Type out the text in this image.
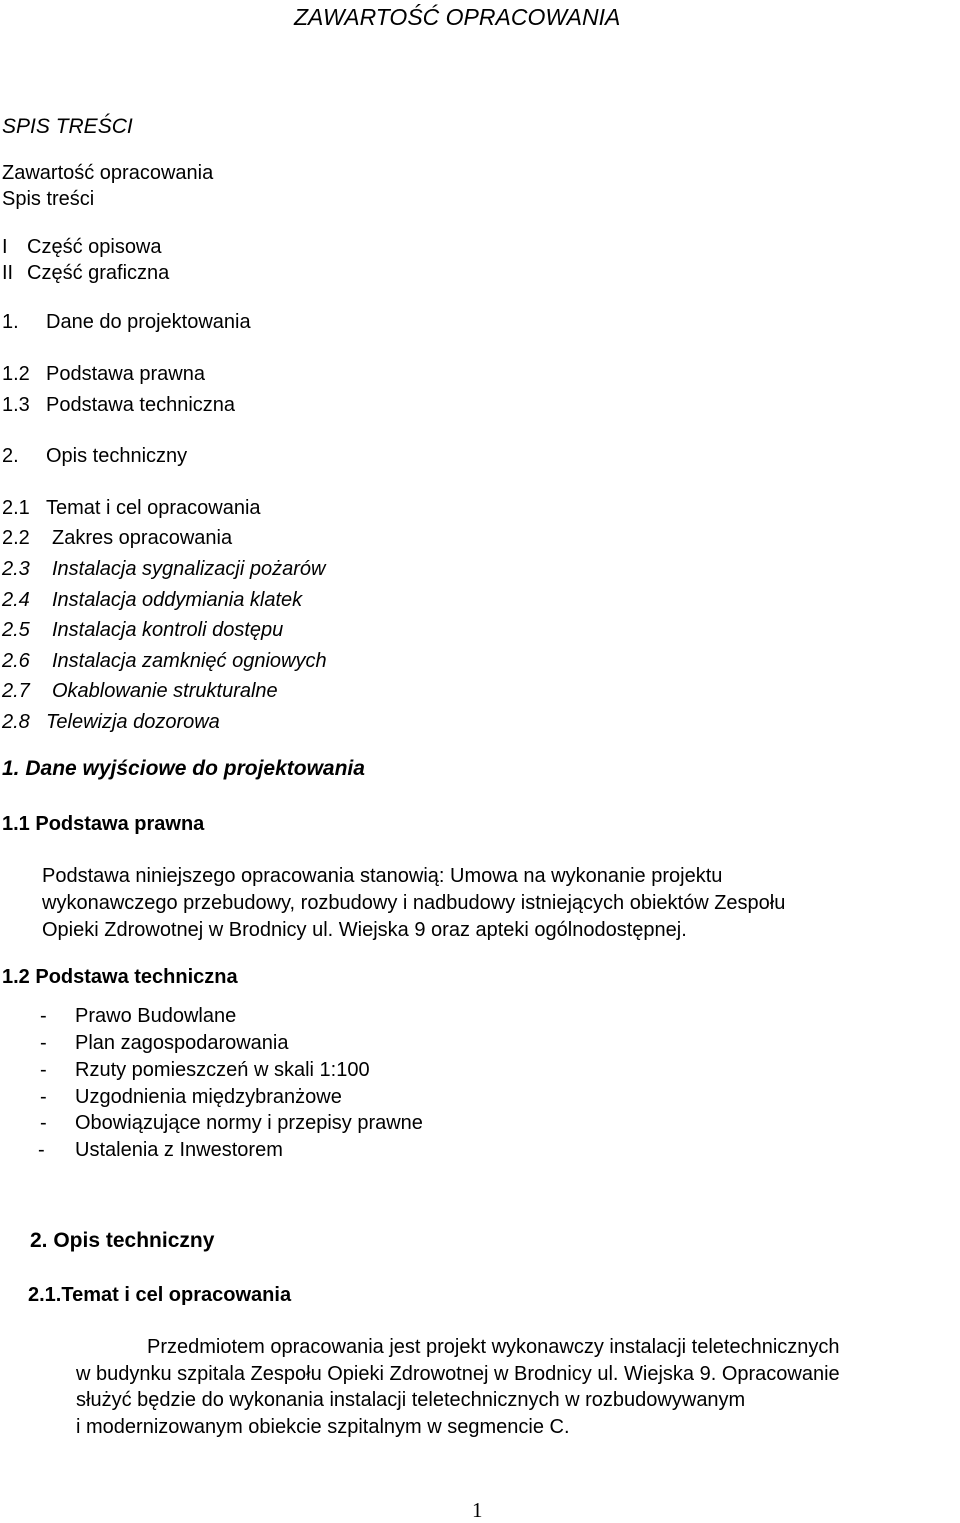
ZAWARTOŚĆ OPRACOWANIA
SPIS TREŚCI
Zawartość opracowania
Spis treści
I Część opisowa
II Część graficzna
1. Dane do projektowania
1.2 Podstawa prawna
1.3 Podstawa techniczna
2. Opis techniczny
2.1 Temat i cel opracowania
2.2 Zakres opracowania
2.3 Instalacja sygnalizacji pożarów
2.4 Instalacja oddymiania klatek
2.5 Instalacja kontroli dostępu
2.6 Instalacja zamknięć ogniowych
2.7 Okablowanie strukturalne
2.8 Telewizja dozorowa
1. Dane wyjściowe do projektowania
1.1 Podstawa prawna
Podstawa niniejszego opracowania stanowią: Umowa na wykonanie projektu
wykonawczego przebudowy, rozbudowy i nadbudowy istniejących obiektów Zespołu
Opieki Zdrowotnej w Brodnicy ul. Wiejska 9 oraz apteki ogólnodostępnej.
1.2 Podstawa techniczna
- Prawo Budowlane
- Plan zagospodarowania
- Rzuty pomieszczeń w skali 1:100
- Uzgodnienia międzybranżowe
- Obowiązujące normy i przepisy prawne
- Ustalenia z Inwestorem
2. Opis techniczny
2.1.Temat i cel opracowania
Przedmiotem opracowania jest projekt wykonawczy instalacji teletechnicznych
w budynku szpitala Zespołu Opieki Zdrowotnej w Brodnicy ul. Wiejska 9. Opracowanie
służyć będzie do wykonania instalacji teletechnicznych w rozbudowywanym
i modernizowanym obiekcie szpitalnym w segmencie C.
1
